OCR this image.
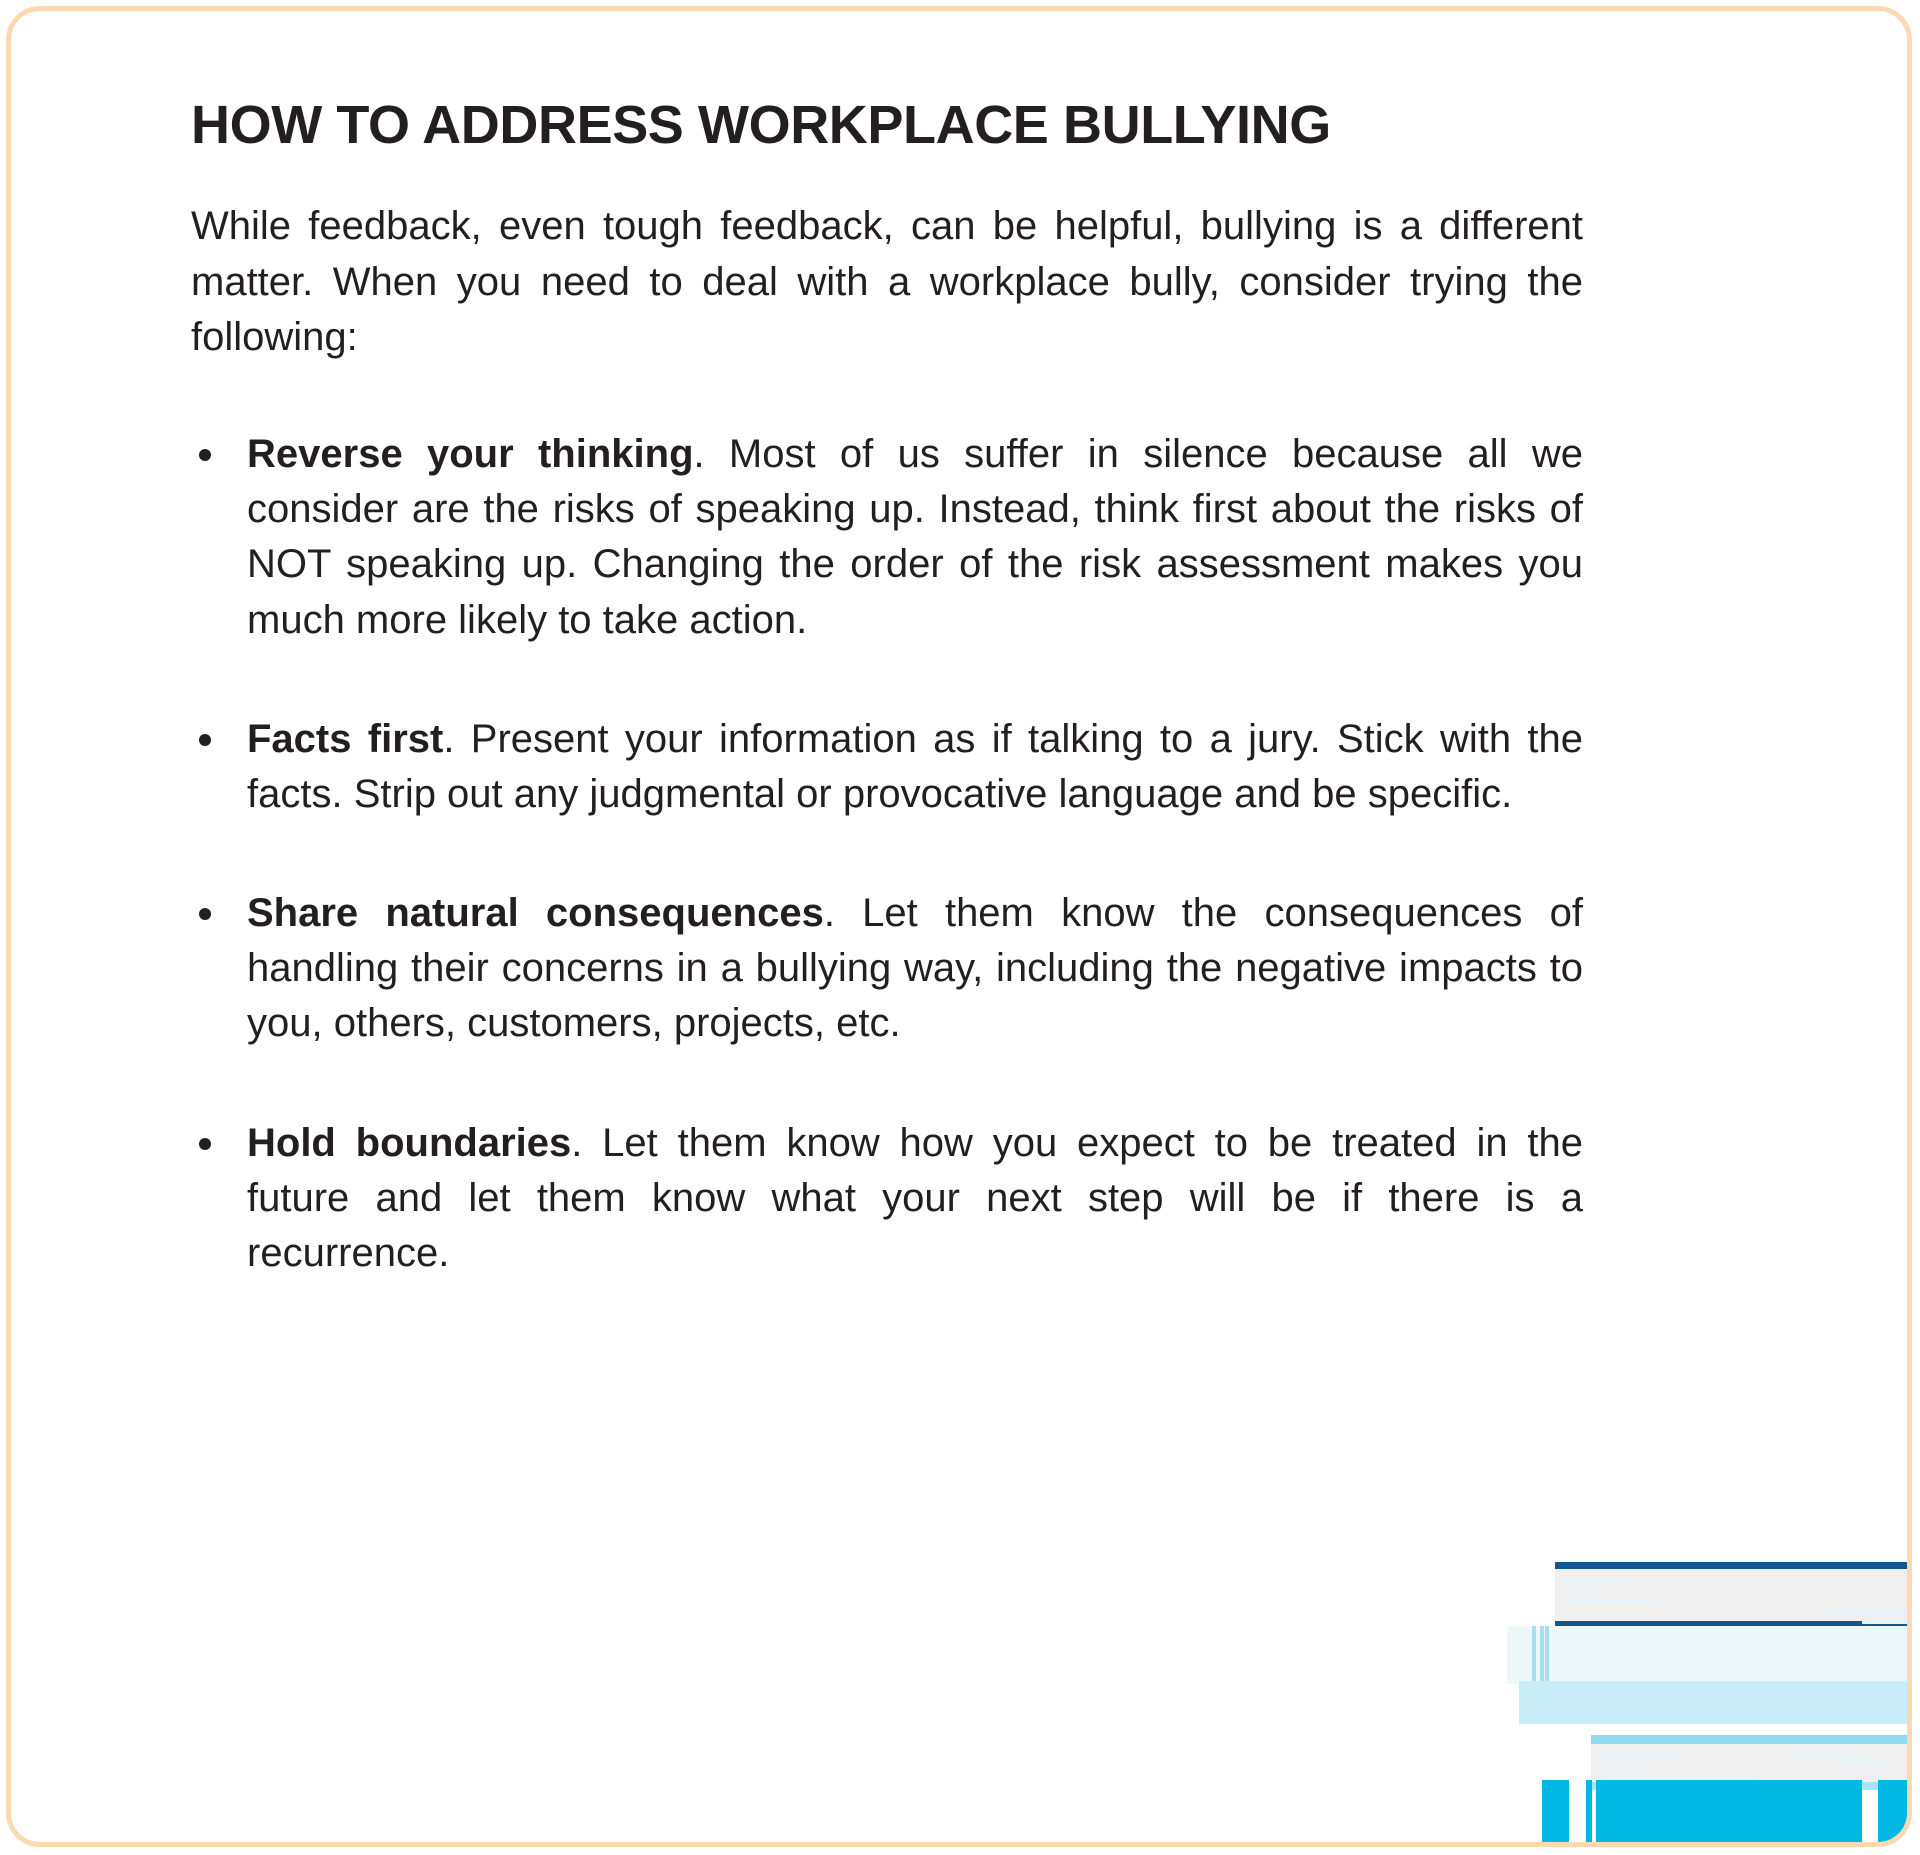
HOW TO ADDRESS WORKPLACE BULLYING

While feedback, even tough feedback, can be helpful, bullying is a different matter. When you need to deal with a workplace bully, consider trying the following:

Reverse your thinking. Most of us suffer in silence because all we consider are the risks of speaking up. Instead, think first about the risks of NOT speaking up. Changing the order of the risk assessment makes you much more likely to take action.
Facts first. Present your information as if talking to a jury. Stick with the facts. Strip out any judgmental or provocative language and be specific.
Share natural consequences. Let them know the consequences of handling their concerns in a bullying way, including the negative impacts to you, others, customers, projects, etc.
Hold boundaries. Let them know how you expect to be treated in the future and let them know what your next step will be if there is a recurrence.
